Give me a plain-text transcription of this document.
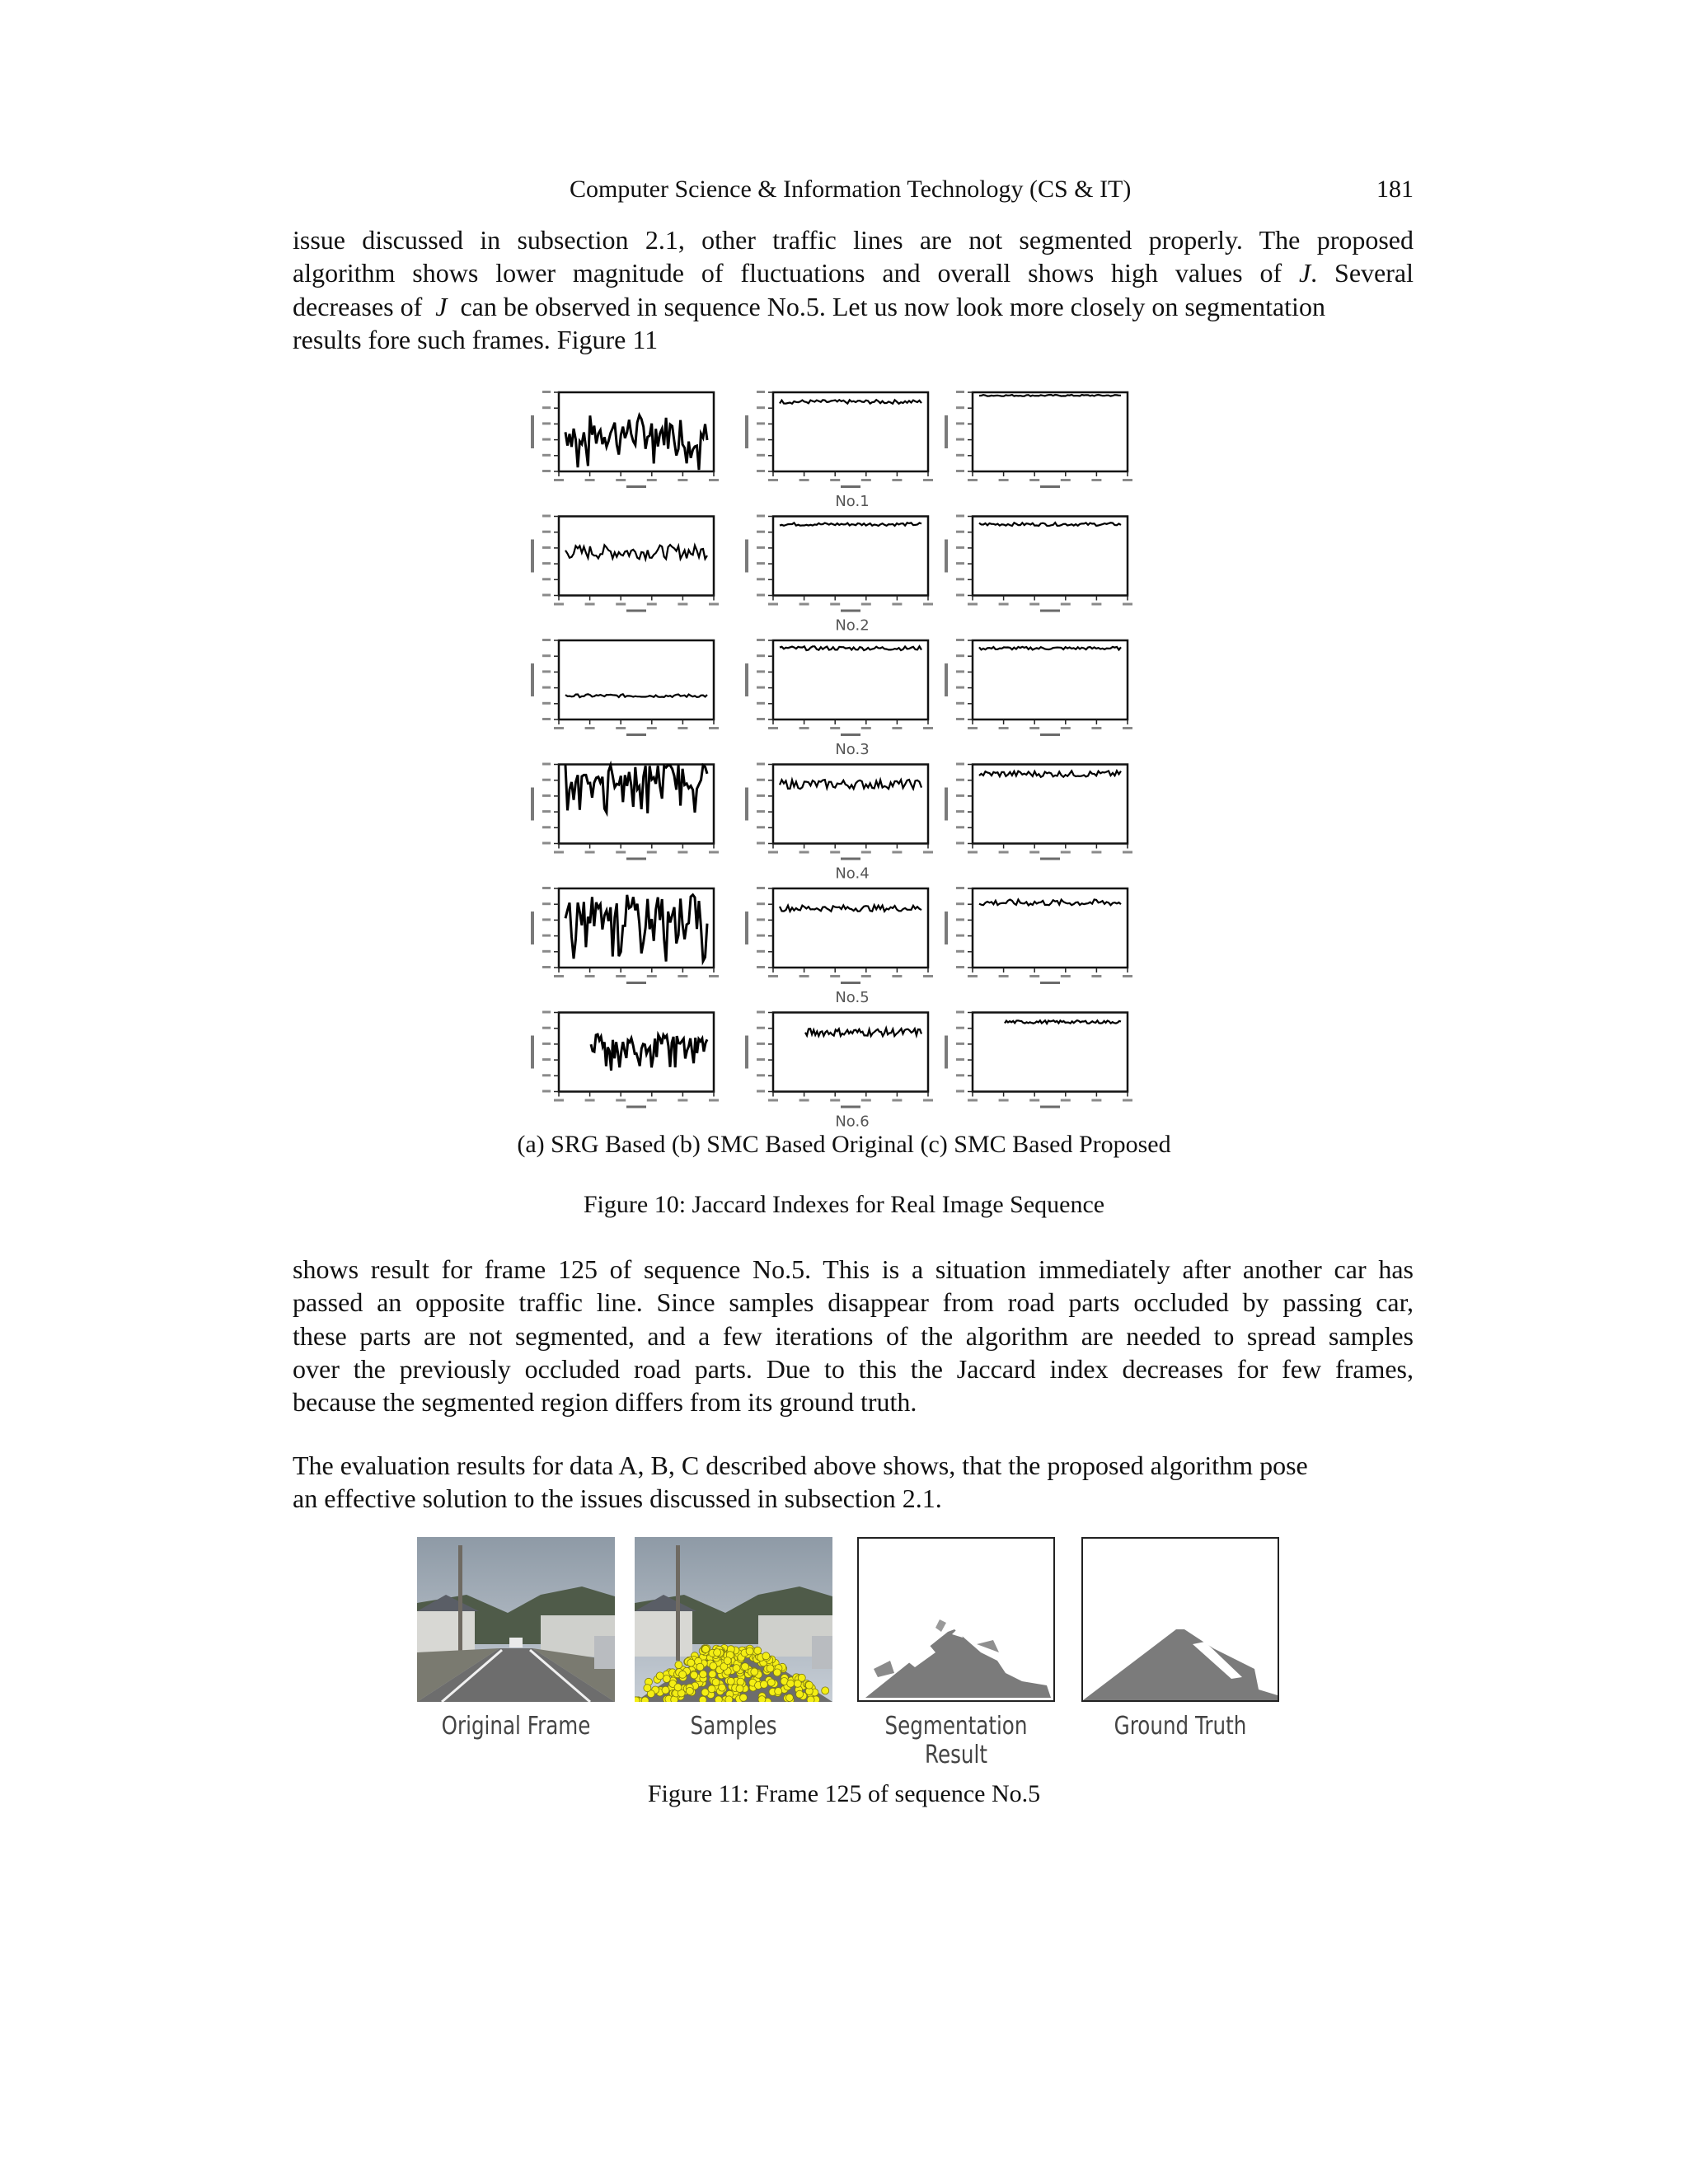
Computer Science & Information Technology (CS & IT)	181
issue discussed in subsection 2.1, other traffic lines are not segmented properly. The proposed
algorithm shows lower magnitude of fluctuations and overall shows high values of J. Several
decreases of J can be observed in sequence No.5. Let us now look more closely on segmentation
results fore such frames. Figure 11
No.1
No.2
No.3
No.4
No.5
No.6
(a) SRG Based (b) SMC Based Original (c) SMC Based Proposed
Figure 10: Jaccard Indexes for Real Image Sequence
shows result for frame 125 of sequence No.5. This is a situation immediately after another car has
passed an opposite traffic line. Since samples disappear from road parts occluded by passing car,
these parts are not segmented, and a few iterations of the algorithm are needed to spread samples
over the previously occluded road parts. Due to this the Jaccard index decreases for few frames,
because the segmented region differs from its ground truth.
The evaluation results for data A, B, C described above shows, that the proposed algorithm pose
an effective solution to the issues discussed in subsection 2.1.
Original Frame	Samples	Segmentation Result
Ground Truth
Figure 11: Frame 125 of sequence No.5
